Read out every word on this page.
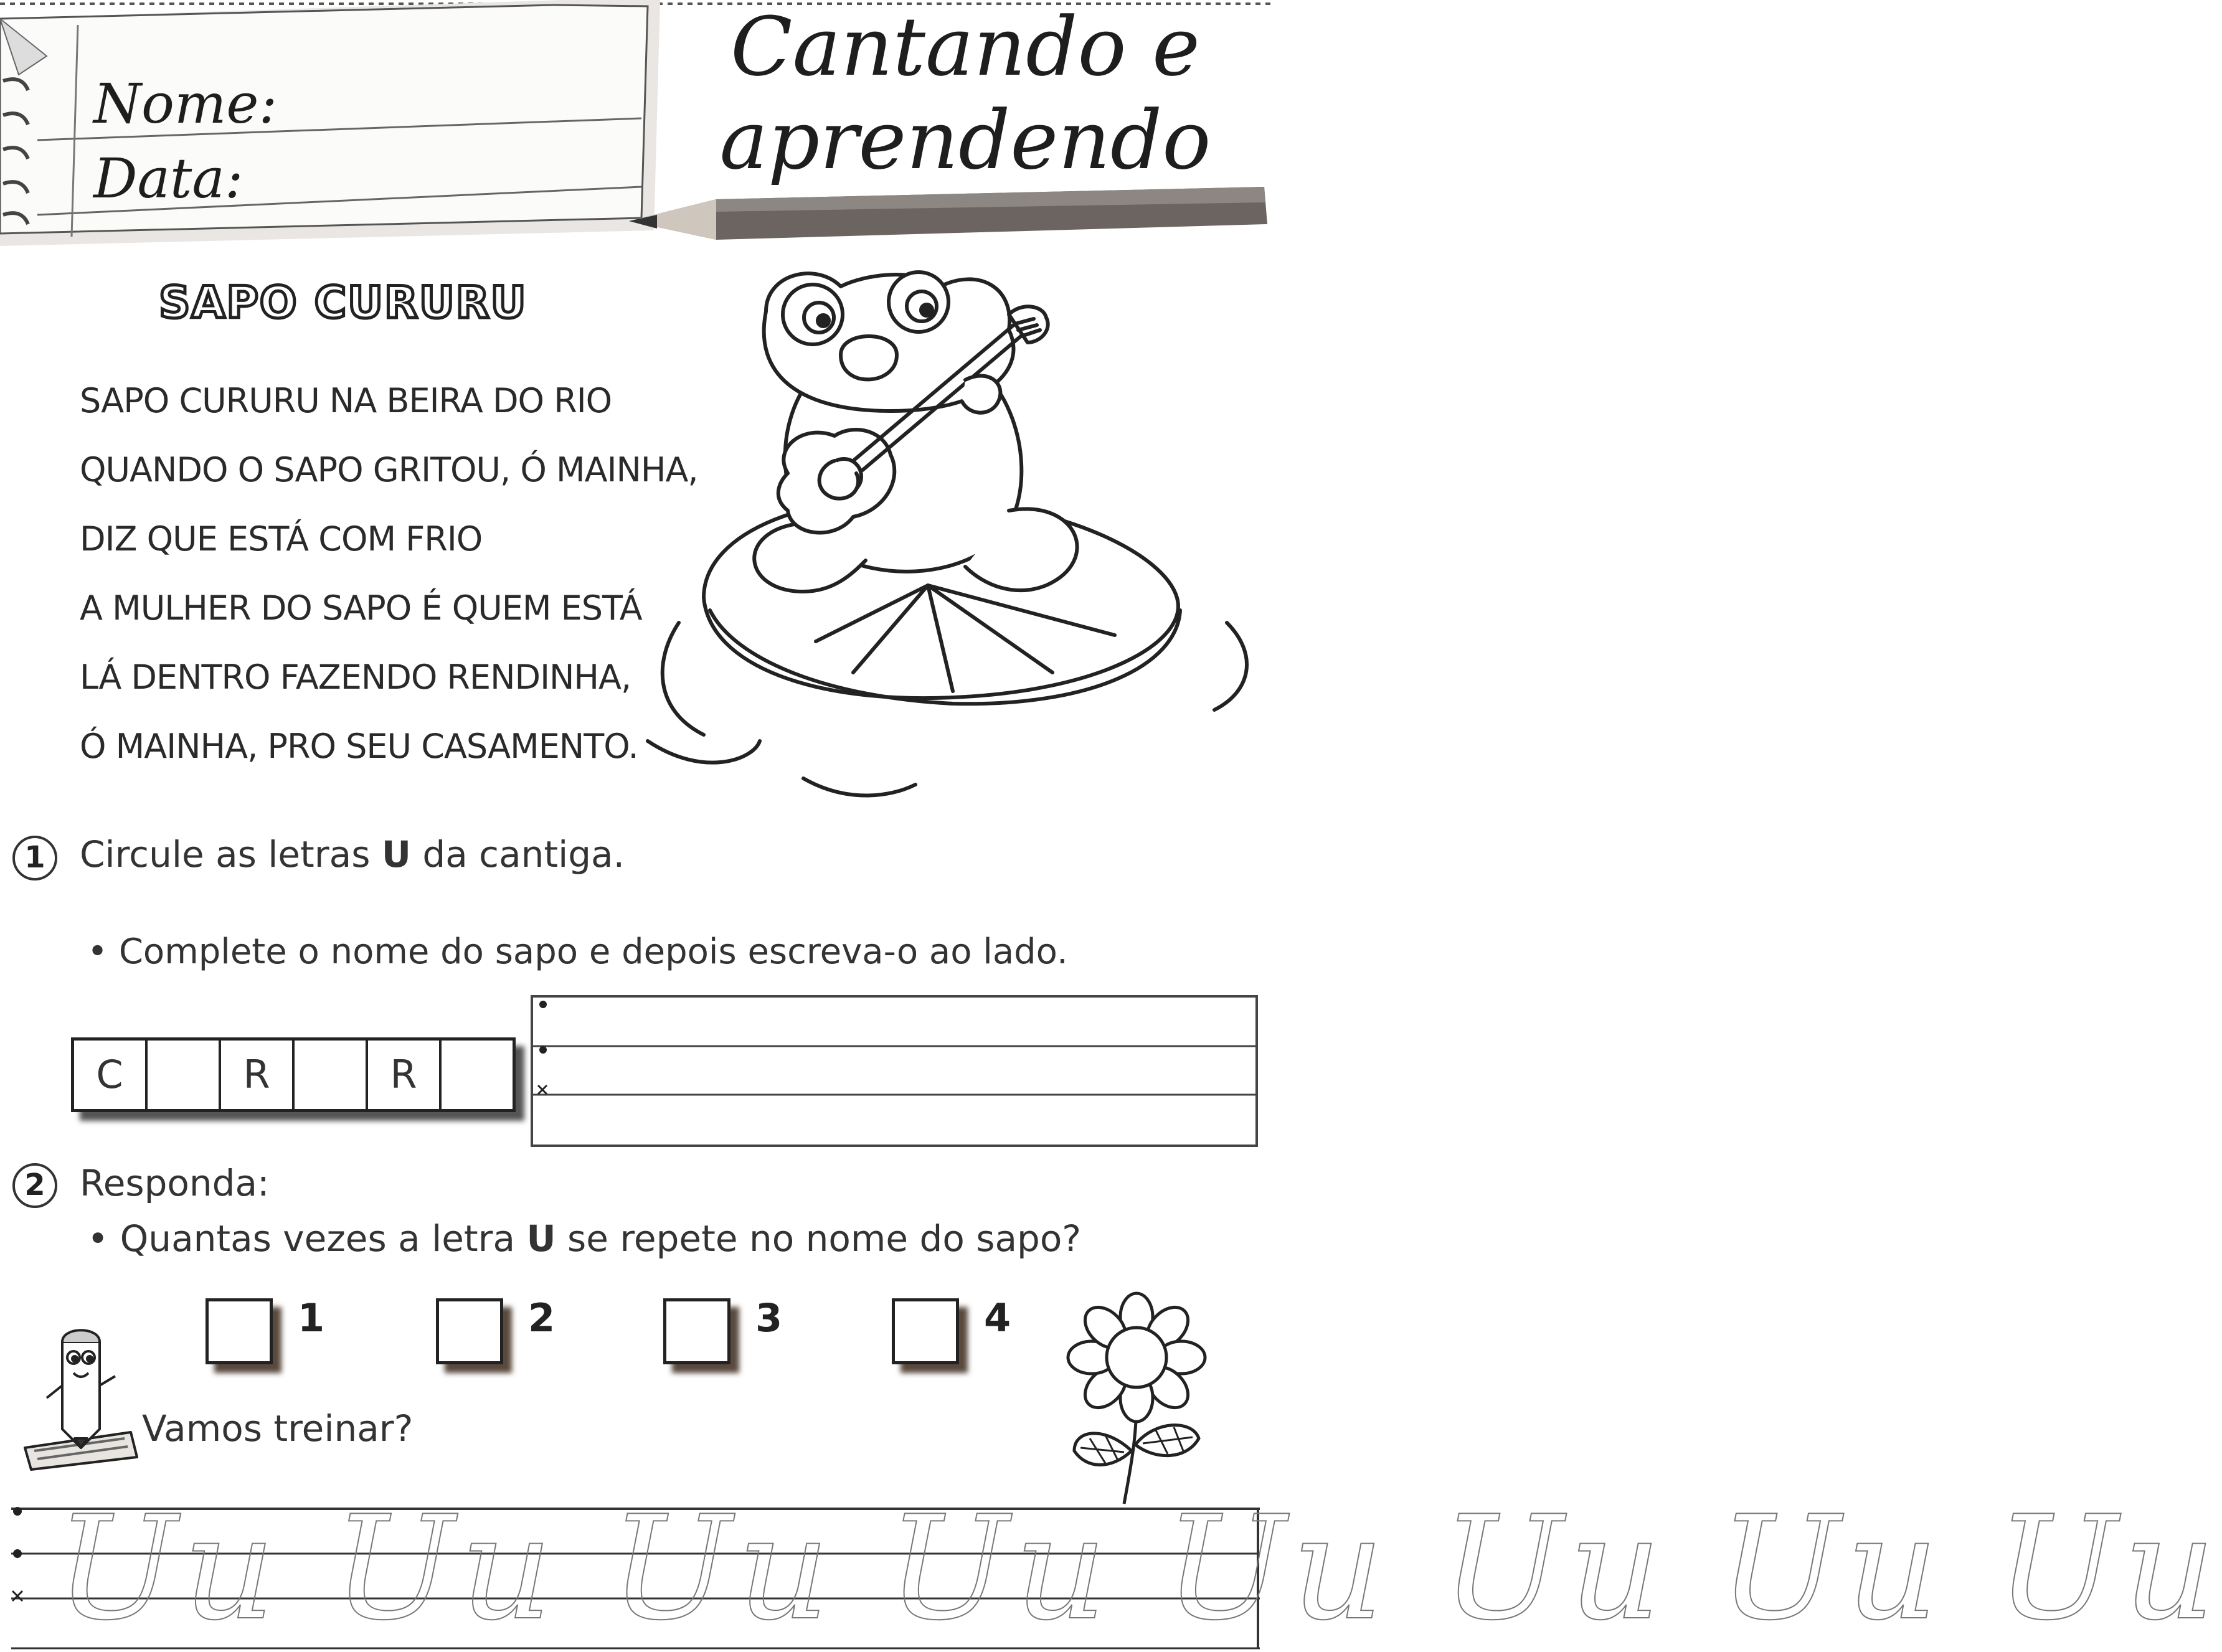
Nome:
Data:
Cantando e
aprendendo
SAPO CURURU
SAPO CURURU NA BEIRA DO RIO
QUANDO O SAPO GRITOU, Ó MAINHA,
DIZ QUE ESTÁ COM FRIO
A MULHER DO SAPO É QUEM ESTÁ
LÁ DENTRO FAZENDO RENDINHA,
Ó MAINHA, PRO SEU CASAMENTO.
1 Circule as letras U da cantiga.
• Complete o nome do sapo e depois escreva-o ao lado.
C	R	R
2 Responda:
• Quantas vezes a letra U se repete no nome do sapo?
1	2	3	4
Vamos treinar?
Uu Uu Uu Uu Uu Uu Uu Uu
